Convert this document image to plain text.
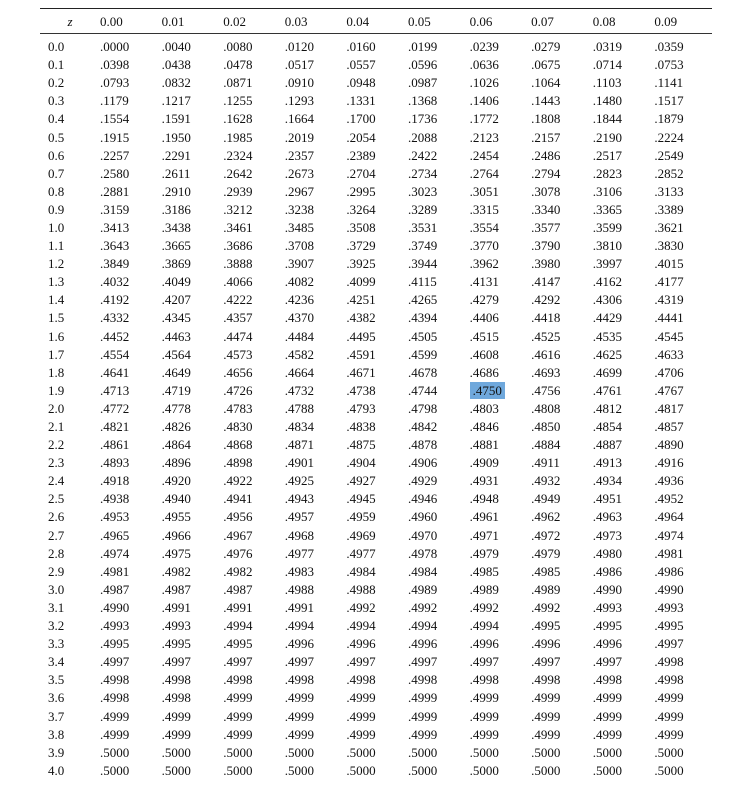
z	0.00	0.01	0.02	0.03	0.04	0.05	0.06	0.07	0.08	0.09
0.0	.0000	.0040	.0080	.0120	.0160	.0199	.0239	.0279	.0319	.0359
0.1	.0398	.0438	.0478	.0517	.0557	.0596	.0636	.0675	.0714	.0753
0.2	.0793	.0832	.0871	.0910	.0948	.0987	.1026	.1064	.1103	.1141
0.3	.1179	.1217	.1255	.1293	.1331	.1368	.1406	.1443	.1480	.1517
0.4	.1554	.1591	.1628	.1664	.1700	.1736	.1772	.1808	.1844	.1879
0.5	.1915	.1950	.1985	.2019	.2054	.2088	.2123	.2157	.2190	.2224
0.6	.2257	.2291	.2324	.2357	.2389	.2422	.2454	.2486	.2517	.2549
0.7	.2580	.2611	.2642	.2673	.2704	.2734	.2764	.2794	.2823	.2852
0.8	.2881	.2910	.2939	.2967	.2995	.3023	.3051	.3078	.3106	.3133
0.9	.3159	.3186	.3212	.3238	.3264	.3289	.3315	.3340	.3365	.3389
1.0	.3413	.3438	.3461	.3485	.3508	.3531	.3554	.3577	.3599	.3621
1.1	.3643	.3665	.3686	.3708	.3729	.3749	.3770	.3790	.3810	.3830
1.2	.3849	.3869	.3888	.3907	.3925	.3944	.3962	.3980	.3997	.4015
1.3	.4032	.4049	.4066	.4082	.4099	.4115	.4131	.4147	.4162	.4177
1.4	.4192	.4207	.4222	.4236	.4251	.4265	.4279	.4292	.4306	.4319
1.5	.4332	.4345	.4357	.4370	.4382	.4394	.4406	.4418	.4429	.4441
1.6	.4452	.4463	.4474	.4484	.4495	.4505	.4515	.4525	.4535	.4545
1.7	.4554	.4564	.4573	.4582	.4591	.4599	.4608	.4616	.4625	.4633
1.8	.4641	.4649	.4656	.4664	.4671	.4678	.4686	.4693	.4699	.4706
1.9	.4713	.4719	.4726	.4732	.4738	.4744	.4750	.4756	.4761	.4767
2.0	.4772	.4778	.4783	.4788	.4793	.4798	.4803	.4808	.4812	.4817
2.1	.4821	.4826	.4830	.4834	.4838	.4842	.4846	.4850	.4854	.4857
2.2	.4861	.4864	.4868	.4871	.4875	.4878	.4881	.4884	.4887	.4890
2.3	.4893	.4896	.4898	.4901	.4904	.4906	.4909	.4911	.4913	.4916
2.4	.4918	.4920	.4922	.4925	.4927	.4929	.4931	.4932	.4934	.4936
2.5	.4938	.4940	.4941	.4943	.4945	.4946	.4948	.4949	.4951	.4952
2.6	.4953	.4955	.4956	.4957	.4959	.4960	.4961	.4962	.4963	.4964
2.7	.4965	.4966	.4967	.4968	.4969	.4970	.4971	.4972	.4973	.4974
2.8	.4974	.4975	.4976	.4977	.4977	.4978	.4979	.4979	.4980	.4981
2.9	.4981	.4982	.4982	.4983	.4984	.4984	.4985	.4985	.4986	.4986
3.0	.4987	.4987	.4987	.4988	.4988	.4989	.4989	.4989	.4990	.4990
3.1	.4990	.4991	.4991	.4991	.4992	.4992	.4992	.4992	.4993	.4993
3.2	.4993	.4993	.4994	.4994	.4994	.4994	.4994	.4995	.4995	.4995
3.3	.4995	.4995	.4995	.4996	.4996	.4996	.4996	.4996	.4996	.4997
3.4	.4997	.4997	.4997	.4997	.4997	.4997	.4997	.4997	.4997	.4998
3.5	.4998	.4998	.4998	.4998	.4998	.4998	.4998	.4998	.4998	.4998
3.6	.4998	.4998	.4999	.4999	.4999	.4999	.4999	.4999	.4999	.4999
3.7	.4999	.4999	.4999	.4999	.4999	.4999	.4999	.4999	.4999	.4999
3.8	.4999	.4999	.4999	.4999	.4999	.4999	.4999	.4999	.4999	.4999
3.9	.5000	.5000	.5000	.5000	.5000	.5000	.5000	.5000	.5000	.5000
4.0	.5000	.5000	.5000	.5000	.5000	.5000	.5000	.5000	.5000	.5000
